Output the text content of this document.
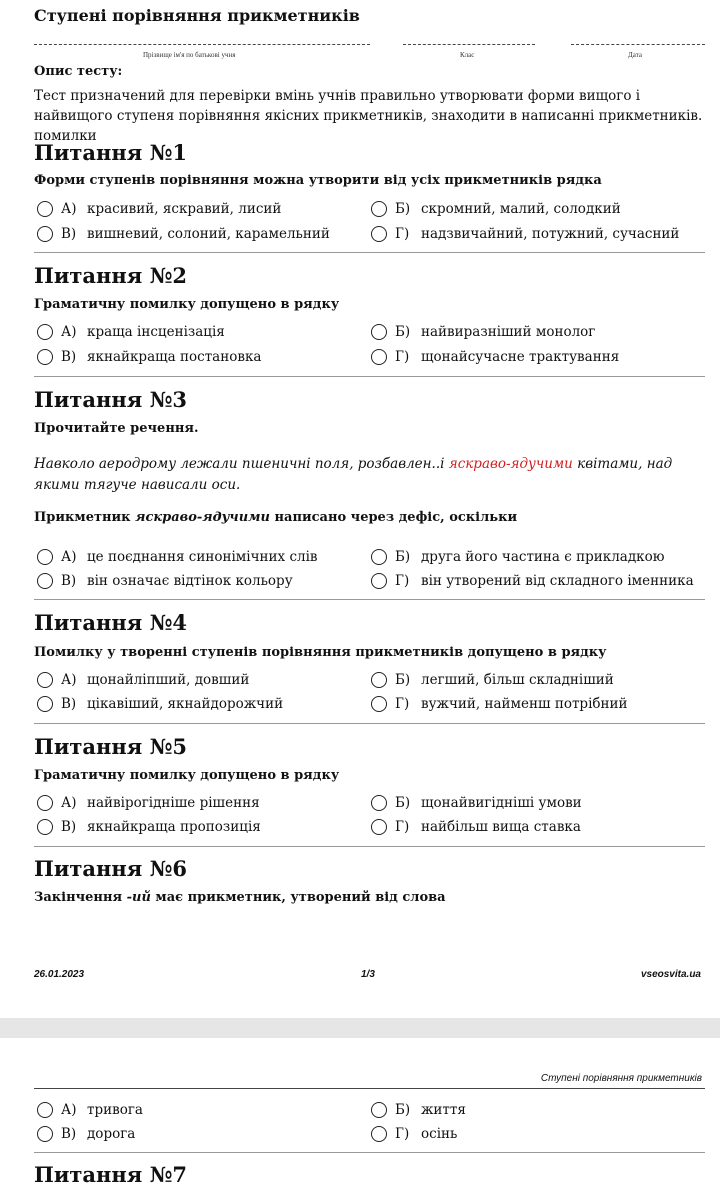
Ступені порівняння прикметників
Прізвище ім'я по батькові учня	Клас	Дата
Опис тесту:
Тест призначений для перевірки вмінь учнів правильно утворювати форми вищого і найвищого ступеня порівняння якісних прикметників, знаходити в написанні прикметників. помилки
Питання №1
Форми ступенів порівняння можна утворити від усіх прикметників рядка
А) красивий, яскравий, лисий	Б) скромний, малий, солодкий
В) вишневий, солоний, карамельний	Г) надзвичайний, потужний, сучасний
Питання №2
Граматичну помилку допущено в рядку
А) краща інсценізація	Б) найвиразніший монолог
В) якнайкраща постановка	Г) щонайсучасне трактування
Питання №3
Прочитайте речення.
Навколо аеродрому лежали пшеничні поля, розбавлен..і яскраво-ядучими квітами, над якими тягуче нависали оси.
Прикметник яскраво-ядучими написано через дефіс, оскільки
А) це поєднання синонімічних слів	Б) друга його частина є прикладкою
В) він означає відтінок кольору	Г) він утворений від складного іменника
Питання №4
Помилку у творенні ступенів порівняння прикметників допущено в рядку
А) щонайліпший, довший	Б) легший, більш складніший
В) цікавіший, якнайдорожчий	Г) вужчий, найменш потрібний
Питання №5
Граматичну помилку допущено в рядку
А) найвірогідніше рішення	Б) щонайвигідніші умови
В) якнайкраща пропозиція	Г) найбільш вища ставка
Питання №6
Закінчення -ий має прикметник, утворений від слова
26.01.2023	1/3	vseosvita.ua
Ступені порівняння прикметників
А) тривога	Б) життя
В) дорога	Г) осінь
Питання №7
